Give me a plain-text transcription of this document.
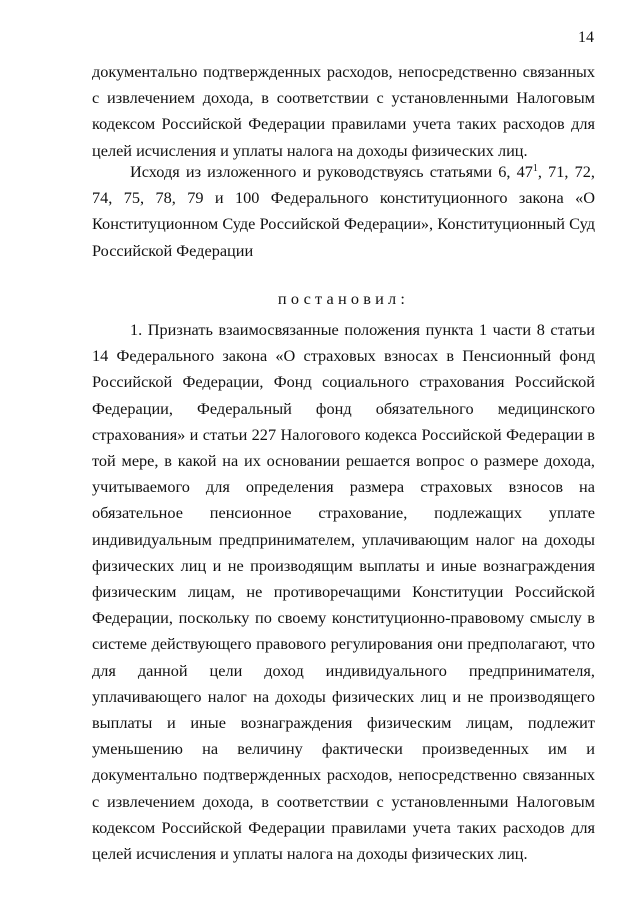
14

документально подтвержденных расходов, непосредственно связанных с извлечением дохода, в соответствии с установленными Налоговым кодексом Российской Федерации правилами учета таких расходов для целей исчисления и уплаты налога на доходы физических лиц.

Исходя из изложенного и руководствуясь статьями 6, $47^1$, 71, 72, 74, 75, 78, 79 и 100 Федерального конституционного закона «О Конституционном Суде Российской Федерации», Конституционный Суд Российской Федерации

постановил:

1. Признать взаимосвязанные положения пункта 1 части 8 статьи 14 Федерального закона «О страховых взносах в Пенсионный фонд Российской Федерации, Фонд социального страхования Российской Федерации, Федеральный фонд обязательного медицинского страхования» и статьи 227 Налогового кодекса Российской Федерации в той мере, в какой на их основании решается вопрос о размере дохода, учитываемого для определения размера страховых взносов на обязательное пенсионное страхование, подлежащих уплате индивидуальным предпринимателем, уплачивающим налог на доходы физических лиц и не производящим выплаты и иные вознаграждения физическим лицам, не противоречащими Конституции Российской Федерации, поскольку по своему конституционно-правовому смыслу в системе действующего правового регулирования они предполагают, что для данной цели доход индивидуального предпринимателя, уплачивающего налог на доходы физических лиц и не производящего выплаты и иные вознаграждения физическим лицам, подлежит уменьшению на величину фактически произведенных им и документально подтвержденных расходов, непосредственно связанных с извлечением дохода, в соответствии с установленными Налоговым кодексом Российской Федерации правилами учета таких расходов для целей исчисления и уплаты налога на доходы физических лиц.
